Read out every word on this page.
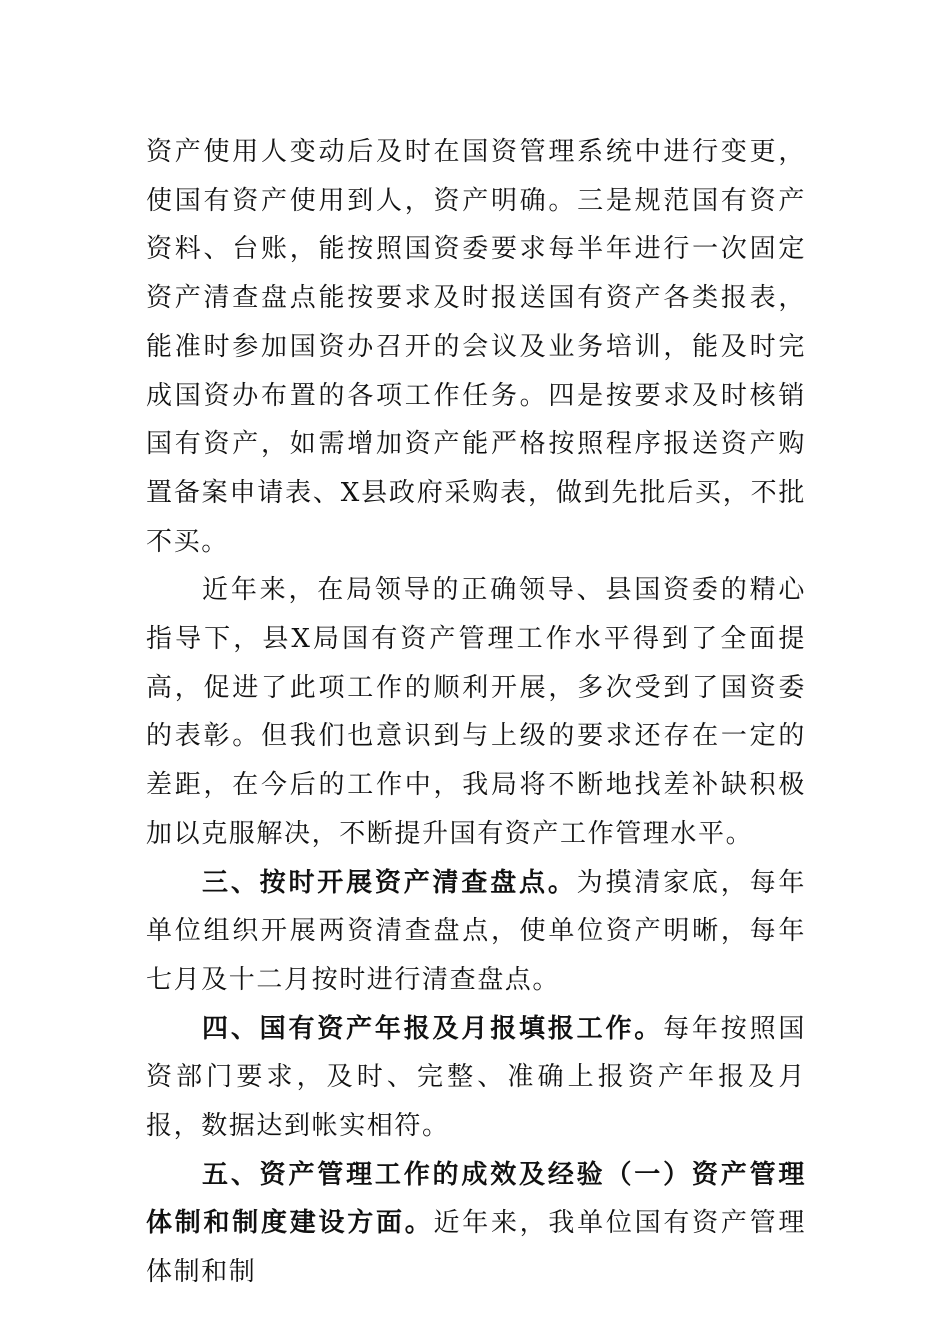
资产使用人变动后及时在国资管理系统中进行变更，使国有资产使用到人，资产明确。三是规范国有资产资料、台账，能按照国资委要求每半年进行一次固定资产清查盘点能按要求及时报送国有资产各类报表，能准时参加国资办召开的会议及业务培训，能及时完成国资办布置的各项工作任务。四是按要求及时核销国有资产，如需增加资产能严格按照程序报送资产购置备案申请表、X县政府采购表，做到先批后买，不批不买。

近年来，在局领导的正确领导、县国资委的精心指导下，县X局国有资产管理工作水平得到了全面提高，促进了此项工作的顺利开展，多次受到了国资委的表彰。但我们也意识到与上级的要求还存在一定的差距，在今后的工作中，我局将不断地找差补缺积极加以克服解决，不断提升国有资产工作管理水平。

三、按时开展资产清查盘点。为摸清家底，每年单位组织开展两资清查盘点，使单位资产明晰，每年七月及十二月按时进行清查盘点。

四、国有资产年报及月报填报工作。每年按照国资部门要求，及时、完整、准确上报资产年报及月报，数据达到帐实相符。

五、资产管理工作的成效及经验（一）资产管理体制和制度建设方面。近年来，我单位国有资产管理体制和制
